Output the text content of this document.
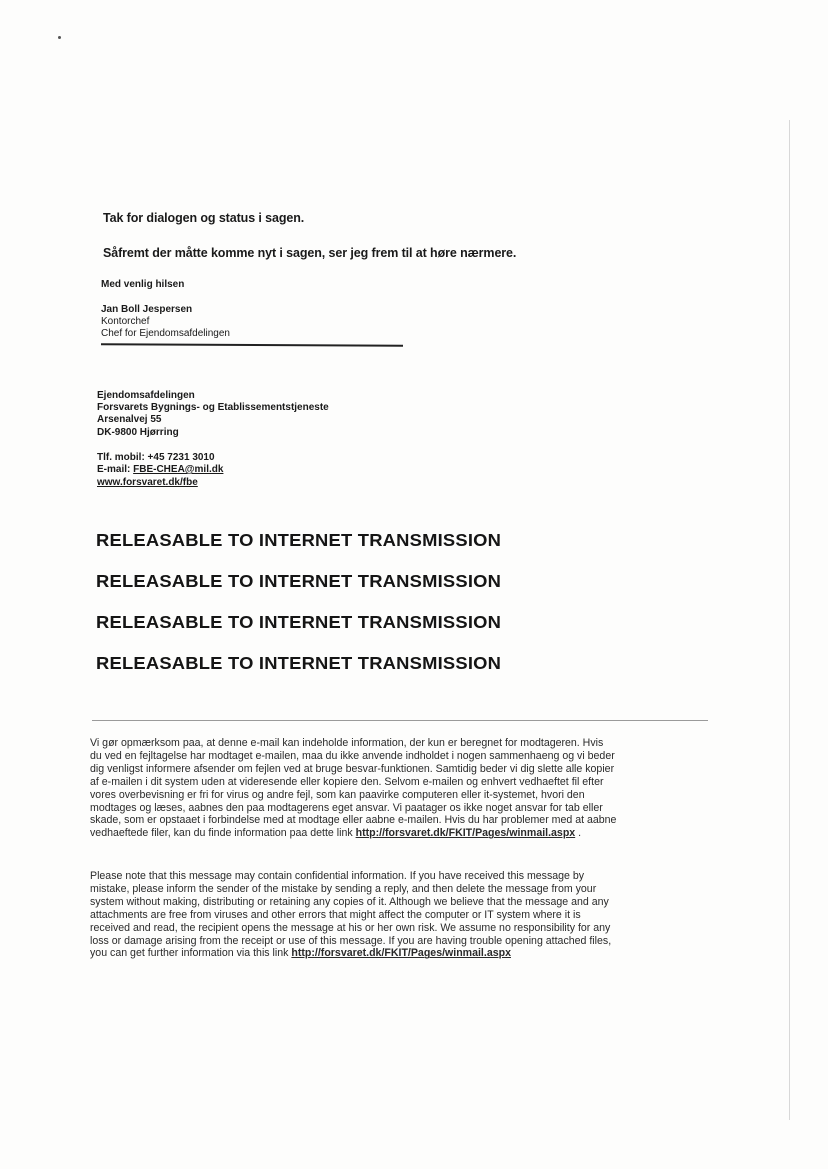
Tak for dialogen og status i sagen.
Såfremt der måtte komme nyt i sagen, ser jeg frem til at høre nærmere.
Med venlig hilsen
Jan Boll Jespersen
Kontorchef
Chef for Ejendomsafdelingen
Ejendomsafdelingen
Forsvarets Bygnings- og Etablissementstjeneste
Arsenalvej 55
DK-9800 Hjørring
Tlf. mobil: +45 7231 3010
E-mail: FBE-CHEA@mil.dk
www.forsvaret.dk/fbe
RELEASABLE TO INTERNET TRANSMISSION
RELEASABLE TO INTERNET TRANSMISSION
RELEASABLE TO INTERNET TRANSMISSION
RELEASABLE TO INTERNET TRANSMISSION
Vi gør opmærksom paa, at denne e-mail kan indeholde information, der kun er beregnet for modtageren. Hvis
du ved en fejltagelse har modtaget e-mailen, maa du ikke anvende indholdet i nogen sammenhaeng og vi beder
dig venligst informere afsender om fejlen ved at bruge besvar-funktionen. Samtidig beder vi dig slette alle kopier
af e-mailen i dit system uden at videresende eller kopiere den. Selvom e-mailen og enhvert vedhaeftet fil efter
vores overbevisning er fri for virus og andre fejl, som kan paavirke computeren eller it-systemet, hvori den
modtages og læses, aabnes den paa modtagerens eget ansvar. Vi paatager os ikke noget ansvar for tab eller
skade, som er opstaaet i forbindelse med at modtage eller aabne e-mailen. Hvis du har problemer med at aabne
vedhaeftede filer, kan du finde information paa dette link http://forsvaret.dk/FKIT/Pages/winmail.aspx .
Please note that this message may contain confidential information. If you have received this message by
mistake, please inform the sender of the mistake by sending a reply, and then delete the message from your
system without making, distributing or retaining any copies of it. Although we believe that the message and any
attachments are free from viruses and other errors that might affect the computer or IT system where it is
received and read, the recipient opens the message at his or her own risk. We assume no responsibility for any
loss or damage arising from the receipt or use of this message. If you are having trouble opening attached files,
you can get further information via this link http://forsvaret.dk/FKIT/Pages/winmail.aspx
